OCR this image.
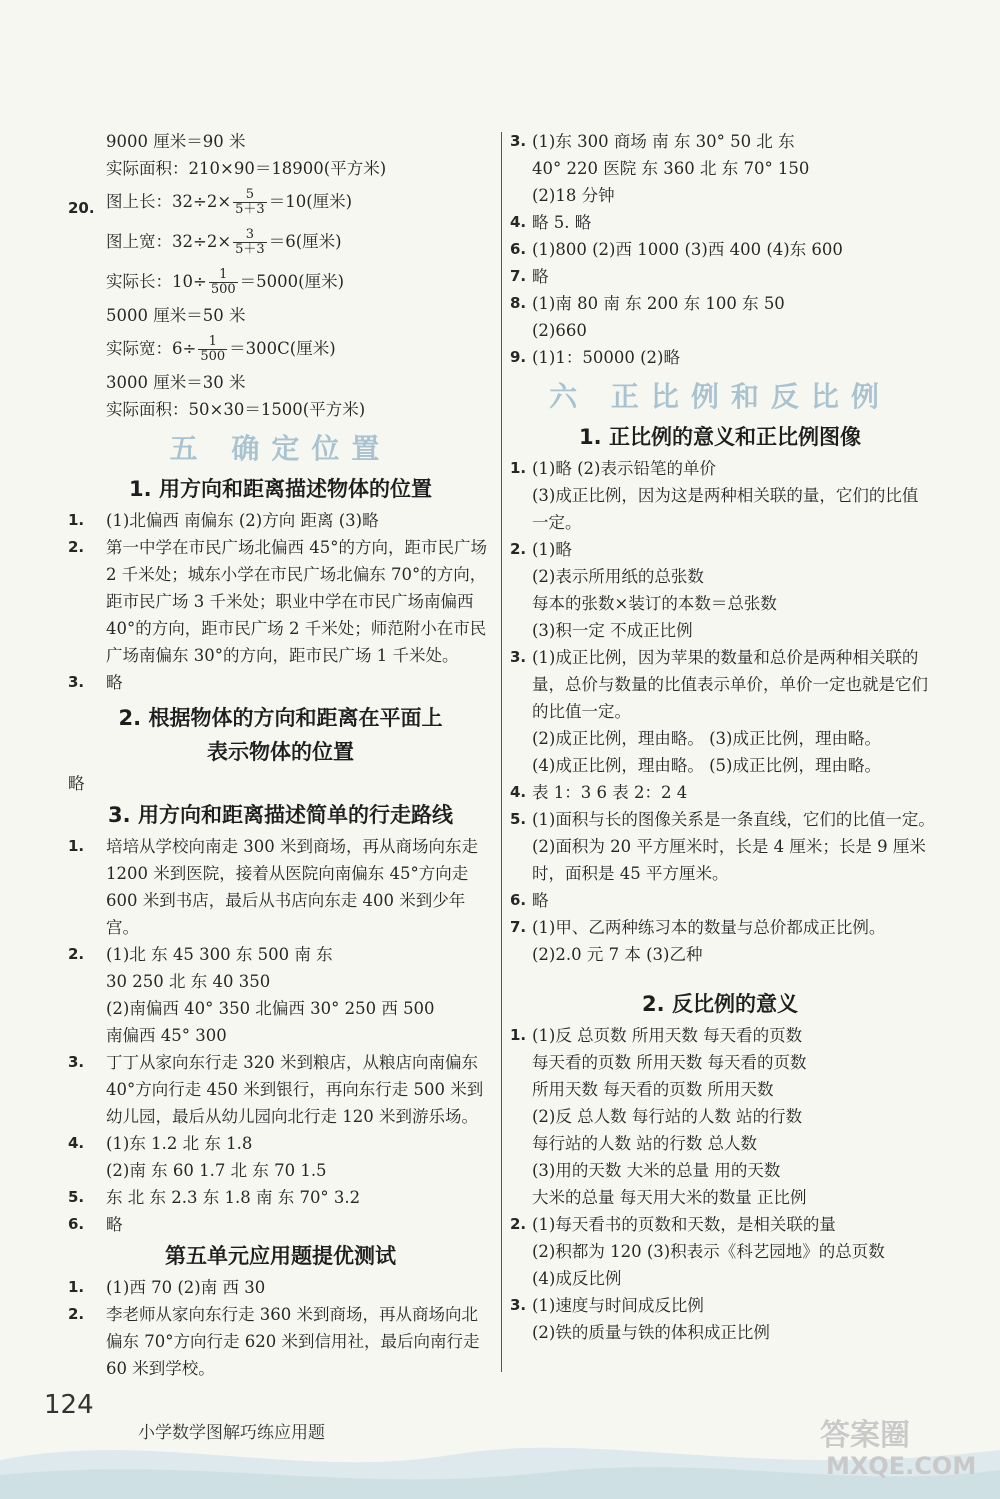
9000 厘米＝90 米
实际面积：210×90＝18900(平方米)
20. 图上长：$32\div 2\times \frac{5}{5+3} =10$(厘米)
图上宽：$32\div 2\times \frac{3}{5+3} =6$(厘米)
实际长：$10\div \frac{1}{500} =5000$(厘米)
5000 厘米＝50 米
实际宽：$6\div \frac{1}{500} =300C$(厘米)
3000 厘米＝30 米
实际面积：50×30＝1500(平方米)
五 确定位置
1. 用方向和距离描述物体的位置
1.	(1)北偏西 南偏东 (2)方向 距离 (3)略
2.	第一中学在市民广场北偏西 45°的方向，距市民广场 2 千米处；城东小学在市民广场北偏东 70°的方向，距市民广场 3 千米处；职业中学在市民广场南偏西 40°的方向，距市民广场 2 千米处；师范附小在市民广场南偏东 30°的方向，距市民广场 1 千米处。
3.	略
2. 根据物体的方向和距离在平面上
表示物体的位置
略
3. 用方向和距离描述简单的行走路线
1.	培培从学校向南走 300 米到商场，再从商场向东走 1200 米到医院，接着从医院向南偏东 45°方向走 600 米到书店，最后从书店向东走 400 米到少年宫。
2.	(1)北 东 45 300 东 500 南 东
30 250 北 东 40 350
(2)南偏西 40° 350 北偏西 30° 250 西 500
南偏西 45° 300
3.	丁丁从家向东行走 320 米到粮店，从粮店向南偏东 40°方向行走 450 米到银行，再向东行走 500 米到幼儿园，最后从幼儿园向北行走 120 米到游乐场。
4.	(1)东 1.2 北 东 1.8
(2)南 东 60 1.7 北 东 70 1.5
5.	东 北 东 2.3 东 1.8 南 东 70° 3.2
6.	略
第五单元应用题提优测试
1.	(1)西 70 (2)南 西 30
2.	李老师从家向东行走 360 米到商场，再从商场向北偏东 70°方向行走 620 米到信用社，最后向南行走 60 米到学校。
3. (1)东 300 商场 南 东 30° 50 北 东
40° 220 医院 东 360 北 东 70° 150
(2)18 分钟
4. 略 5. 略
6. (1)800 (2)西 1000 (3)西 400 (4)东 600
7. 略
8. (1)南 80 南 东 200 东 100 东 50
(2)660
9. (1)1：50000 (2)略
六 正比例和反比例
1. 正比例的意义和正比例图像
1. (1)略 (2)表示铅笔的单价
(3)成正比例，因为这是两种相关联的量，它们的比值一定。
2. (1)略
(2)表示所用纸的总张数
每本的张数×装订的本数＝总张数
(3)积一定 不成正比例
3. (1)成正比例，因为苹果的数量和总价是两种相关联的量，总价与数量的比值表示单价，单价一定也就是它们的比值一定。
(2)成正比例，理由略。 (3)成正比例，理由略。
(4)成正比例，理由略。 (5)成正比例，理由略。
4. 表 1：3 6 表 2：2 4
5. (1)面积与长的图像关系是一条直线，它们的比值一定。
(2)面积为 20 平方厘米时，长是 4 厘米；长是 9 厘米时，面积是 45 平方厘米。
6. 略
7. (1)甲、乙两种练习本的数量与总价都成正比例。
(2)2.0 元 7 本 (3)乙种
2. 反比例的意义
1. (1)反 总页数 所用天数 每天看的页数
每天看的页数 所用天数 每天看的页数
所用天数 每天看的页数 所用天数
(2)反 总人数 每行站的人数 站的行数
每行站的人数 站的行数 总人数
(3)用的天数 大米的总量 用的天数
大米的总量 每天用大米的数量 正比例
2. (1)每天看书的页数和天数，是相关联的量
(2)积都为 120 (3)积表示《科艺园地》的总页数
(4)成反比例
3. (1)速度与时间成反比例
(2)铁的质量与铁的体积成正比例
124
小学数学图解巧练应用题	答案圈
MXQE.COM
